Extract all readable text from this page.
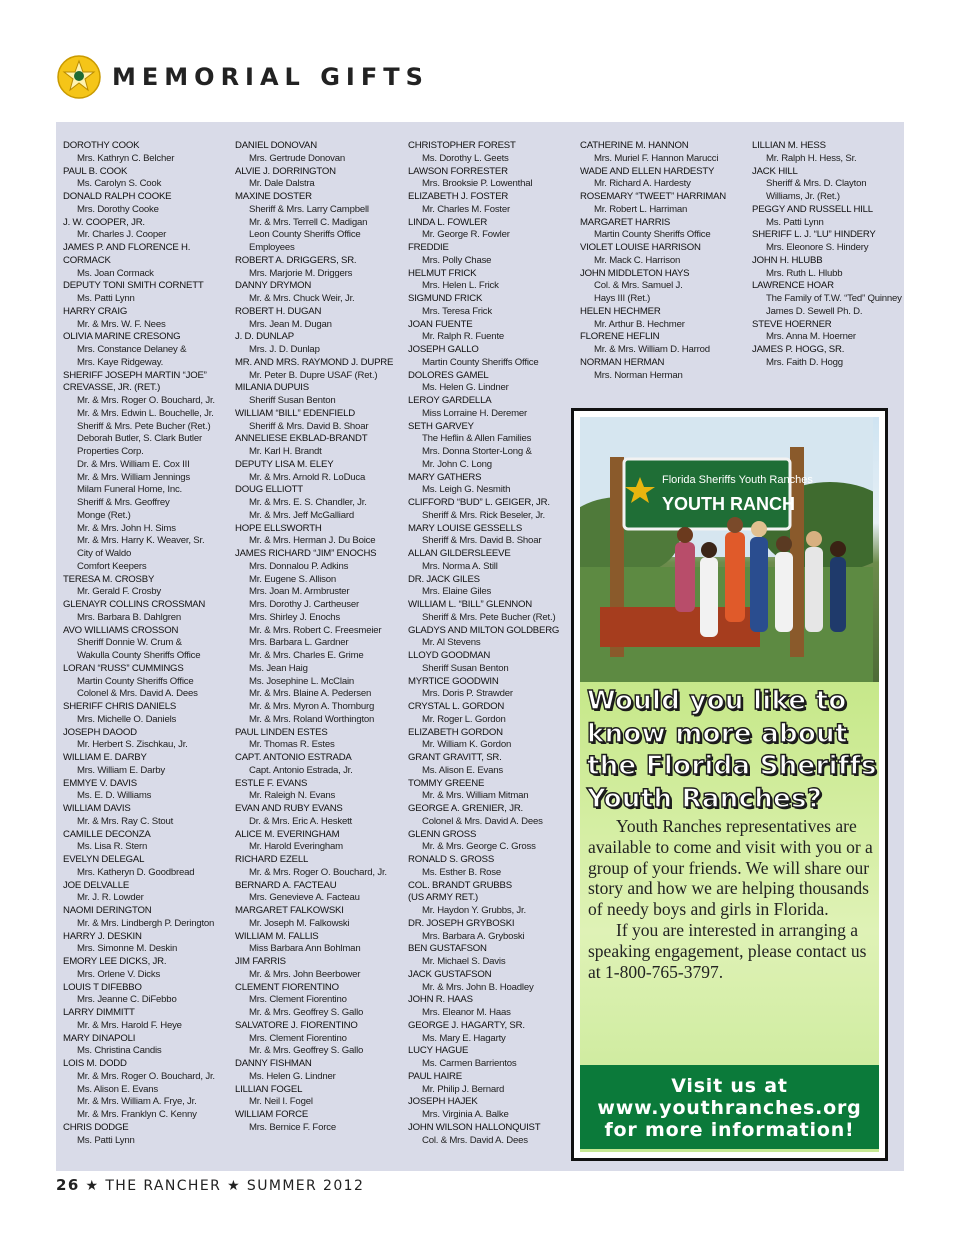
MEMORIAL GIFTS
DOROTHY COOK
Mrs. Kathryn C. Belcher
PAUL B. COOK
Ms. Carolyn S. Cook
DONALD RALPH COOKE
Mrs. Dorothy Cooke
J. W. COOPER, JR.
Mr. Charles J. Cooper
JAMES P. AND FLORENCE H.
CORMACK
Ms. Joan Cormack
DEPUTY TONI SMITH CORNETT
Ms. Patti Lynn
HARRY CRAIG
Mr. & Mrs. W. F. Nees
OLIVIA MARINE CRESONG
Mrs. Constance Delaney &
Mrs. Kaye Ridgeway.
SHERIFF JOSEPH MARTIN “JOE”
CREVASSE, JR. (RET.)
Mr. & Mrs. Roger O. Bouchard, Jr.
Mr. & Mrs. Edwin L. Bouchelle, Jr.
Sheriff & Mrs. Pete Bucher (Ret.)
Deborah Butler, S. Clark Butler
Properties Corp.
Dr. & Mrs. William E. Cox III
Mr. & Mrs. William Jennings
Milam Funeral Home, Inc.
Sheriff & Mrs. Geoffrey
Monge (Ret.)
Mr. & Mrs. John H. Sims
Mr. & Mrs. Harry K. Weaver, Sr.
City of Waldo
Comfort Keepers
TERESA M. CROSBY
Mr. Gerald F. Crosby
GLENAYR COLLINS CROSSMAN
Mrs. Barbara B. Dahlgren
AVO WILLIAMS CROSSON
Sheriff Donnie W. Crum &
Wakulla County Sheriffs Office
LORAN “RUSS” CUMMINGS
Martin County Sheriffs Office
Colonel & Mrs. David A. Dees
SHERIFF CHRIS DANIELS
Mrs. Michelle O. Daniels
JOSEPH DAOOD
Mr. Herbert S. Zischkau, Jr.
WILLIAM E. DARBY
Mrs. William E. Darby
EMMYE V. DAVIS
Ms. E. D. Williams
WILLIAM DAVIS
Mr. & Mrs. Ray C. Stout
CAMILLE DECONZA
Ms. Lisa R. Stern
EVELYN DELEGAL
Mrs. Katheryn D. Goodbread
JOE DELVALLE
Mr. J. R. Lowder
NAOMI DERINGTON
Mr. & Mrs. Lindbergh P. Derington
HARRY J. DESKIN
Mrs. Simonne M. Deskin
EMORY LEE DICKS, JR.
Mrs. Orlene V. Dicks
LOUIS T DIFEBBO
Mrs. Jeanne C. DiFebbo
LARRY DIMMITT
Mr. & Mrs. Harold F. Heye
MARY DINAPOLI
Ms. Christina Candis
LOIS M. DODD
Mr. & Mrs. Roger O. Bouchard, Jr.
Ms. Alison E. Evans
Mr. & Mrs. William A. Frye, Jr.
Mr. & Mrs. Franklyn C. Kenny
CHRIS DODGE
Ms. Patti Lynn
DANIEL DONOVAN
Mrs. Gertrude Donovan
ALVIE J. DORRINGTON
Mr. Dale Dalstra
MAXINE DOSTER
Sheriff & Mrs. Larry Campbell
Mr. & Mrs. Terrell C. Madigan
Leon County Sheriffs Office
Employees
ROBERT A. DRIGGERS, SR.
Mrs. Marjorie M. Driggers
DANNY DRYMON
Mr. & Mrs. Chuck Weir, Jr.
ROBERT H. DUGAN
Mrs. Jean M. Dugan
J. D. DUNLAP
Mrs. J. D. Dunlap
MR. AND MRS. RAYMOND J. DUPRE
Mr. Peter B. Dupre USAF (Ret.)
MILANIA DUPUIS
Sheriff Susan Benton
WILLIAM “BILL” EDENFIELD
Sheriff & Mrs. David B. Shoar
ANNELIESE EKBLAD-BRANDT
Mr. Karl H. Brandt
DEPUTY LISA M. ELEY
Mr. & Mrs. Arnold R. LoDuca
DOUG ELLIOTT
Mr. & Mrs. E. S. Chandler, Jr.
Mr. & Mrs. Jeff McGalliard
HOPE ELLSWORTH
Mr. & Mrs. Herman J. Du Boice
JAMES RICHARD “JIM” ENOCHS
Mrs. Donnalou P. Adkins
Mr. Eugene S. Allison
Mrs. Joan M. Armbruster
Mrs. Dorothy J. Cartheuser
Mrs. Shirley J. Enochs
Mr. & Mrs. Robert C. Freesmeier
Mrs. Barbara L. Gardner
Mr. & Mrs. Charles E. Grime
Ms. Jean Haig
Ms. Josephine L. McClain
Mr. & Mrs. Blaine A. Pedersen
Mr. & Mrs. Myron A. Thornburg
Mr. & Mrs. Roland Worthington
PAUL LINDEN ESTES
Mr. Thomas R. Estes
CAPT. ANTONIO ESTRADA
Capt. Antonio Estrada, Jr.
ESTLE F. EVANS
Mr. Raleigh N. Evans
EVAN AND RUBY EVANS
Dr. & Mrs. Eric A. Heskett
ALICE M. EVERINGHAM
Mr. Harold Everingham
RICHARD EZELL
Mr. & Mrs. Roger O. Bouchard, Jr.
BERNARD A. FACTEAU
Mrs. Genevieve A. Facteau
MARGARET FALKOWSKI
Mr. Joseph M. Falkowski
WILLIAM M. FALLIS
Miss Barbara Ann Bohlman
JIM FARRIS
Mr. & Mrs. John Beerbower
CLEMENT FIORENTINO
Mrs. Clement Fiorentino
Mr. & Mrs. Geoffrey S. Gallo
SALVATORE J. FIORENTINO
Mrs. Clement Fiorentino
Mr. & Mrs. Geoffrey S. Gallo
DANNY FISHMAN
Ms. Helen G. Lindner
LILLIAN FOGEL
Mr. Neil I. Fogel
WILLIAM FORCE
Mrs. Bernice F. Force
CHRISTOPHER FOREST
Ms. Dorothy L. Geets
LAWSON FORRESTER
Mrs. Brooksie P. Lowenthal
ELIZABETH J. FOSTER
Mr. Charles M. Foster
LINDA L. FOWLER
Mr. George R. Fowler
FREDDIE
Mrs. Polly Chase
HELMUT FRICK
Mrs. Helen L. Frick
SIGMUND FRICK
Mrs. Teresa Frick
JOAN FUENTE
Mr. Ralph R. Fuente
JOSEPH GALLO
Martin County Sheriffs Office
DOLORES GAMEL
Ms. Helen G. Lindner
LEROY GARDELLA
Miss Lorraine H. Deremer
SETH GARVEY
The Heflin & Allen Families
Mrs. Donna Storter-Long &
Mr. John C. Long
MARY GATHERS
Ms. Leigh G. Nesmith
CLIFFORD “BUD” L. GEIGER, JR.
Sheriff & Mrs. Rick Beseler, Jr.
MARY LOUISE GESSELLS
Sheriff & Mrs. David B. Shoar
ALLAN GILDERSLEEVE
Mrs. Norma A. Still
DR. JACK GILES
Mrs. Elaine Giles
WILLIAM L. “BILL” GLENNON
Sheriff & Mrs. Pete Bucher (Ret.)
GLADYS AND MILTON GOLDBERG
Mr. Al Stevens
LLOYD GOODMAN
Sheriff Susan Benton
MYRTICE GOODWIN
Mrs. Doris P. Strawder
CRYSTAL L. GORDON
Mr. Roger L. Gordon
ELIZABETH GORDON
Mr. William K. Gordon
GRANT GRAVITT, SR.
Ms. Alison E. Evans
TOMMY GREENE
Mr. & Mrs. William Mitman
GEORGE A. GRENIER, JR.
Colonel & Mrs. David A. Dees
GLENN GROSS
Mr. & Mrs. George C. Gross
RONALD S. GROSS
Ms. Esther B. Rose
COL. BRANDT GRUBBS
(US ARMY RET.)
Mr. Haydon Y. Grubbs, Jr.
DR. JOSEPH GRYBOSKI
Mrs. Barbara A. Gryboski
BEN GUSTAFSON
Mr. Michael S. Davis
JACK GUSTAFSON
Mr. & Mrs. John B. Hoadley
JOHN R. HAAS
Mrs. Eleanor M. Haas
GEORGE J. HAGARTY, SR.
Ms. Mary E. Hagarty
LUCY HAGUE
Ms. Carmen Barrientos
PAUL HAIRE
Mr. Philip J. Bernard
JOSEPH HAJEK
Mrs. Virginia A. Balke
JOHN WILSON HALLONQUIST
Col. & Mrs. David A. Dees
CATHERINE M. HANNON
Mrs. Muriel F. Hannon Marucci
WADE AND ELLEN HARDESTY
Mr. Richard A. Hardesty
ROSEMARY “TWEET” HARRIMAN
Mr. Robert L. Harriman
MARGARET HARRIS
Martin County Sheriffs Office
VIOLET LOUISE HARRISON
Mr. Mack C. Harrison
JOHN MIDDLETON HAYS
Col. & Mrs. Samuel J.
Hays III (Ret.)
HELEN HECHMER
Mr. Arthur B. Hechmer
FLORENE HEFLIN
Mr. & Mrs. William D. Harrod
NORMAN HERMAN
Mrs. Norman Herman
LILLIAN M. HESS
Mr. Ralph H. Hess, Sr.
JACK HILL
Sheriff & Mrs. D. Clayton
Williams, Jr. (Ret.)
PEGGY AND RUSSELL HILL
Ms. Patti Lynn
SHERIFF L. J. “LU” HINDERY
Mrs. Eleonore S. Hindery
JOHN H. HLUBB
Mrs. Ruth L. Hlubb
LAWRENCE HOAR
The Family of T.W. “Ted” Quinney
James D. Sewell Ph. D.
STEVE HOERNER
Mrs. Anna M. Hoerner
JAMES P. HOGG, SR.
Mrs. Faith D. Hogg
Florida Sheriffs Youth Ranches
YOUTH RANCH
Would you like to know more about the Florida Sheriffs Youth Ranches?

Youth Ranches representatives are available to come and visit with you or a group of your friends. We will share our story and how we are helping thousands of needy boys and girls in Florida.

If you are interested in arranging a speaking engagement, please contact us at 1-800-765-3797.

Visit us at
www.youthranches.org
for more information!
26 ★ THE RANCHER ★ SUMMER 2012
